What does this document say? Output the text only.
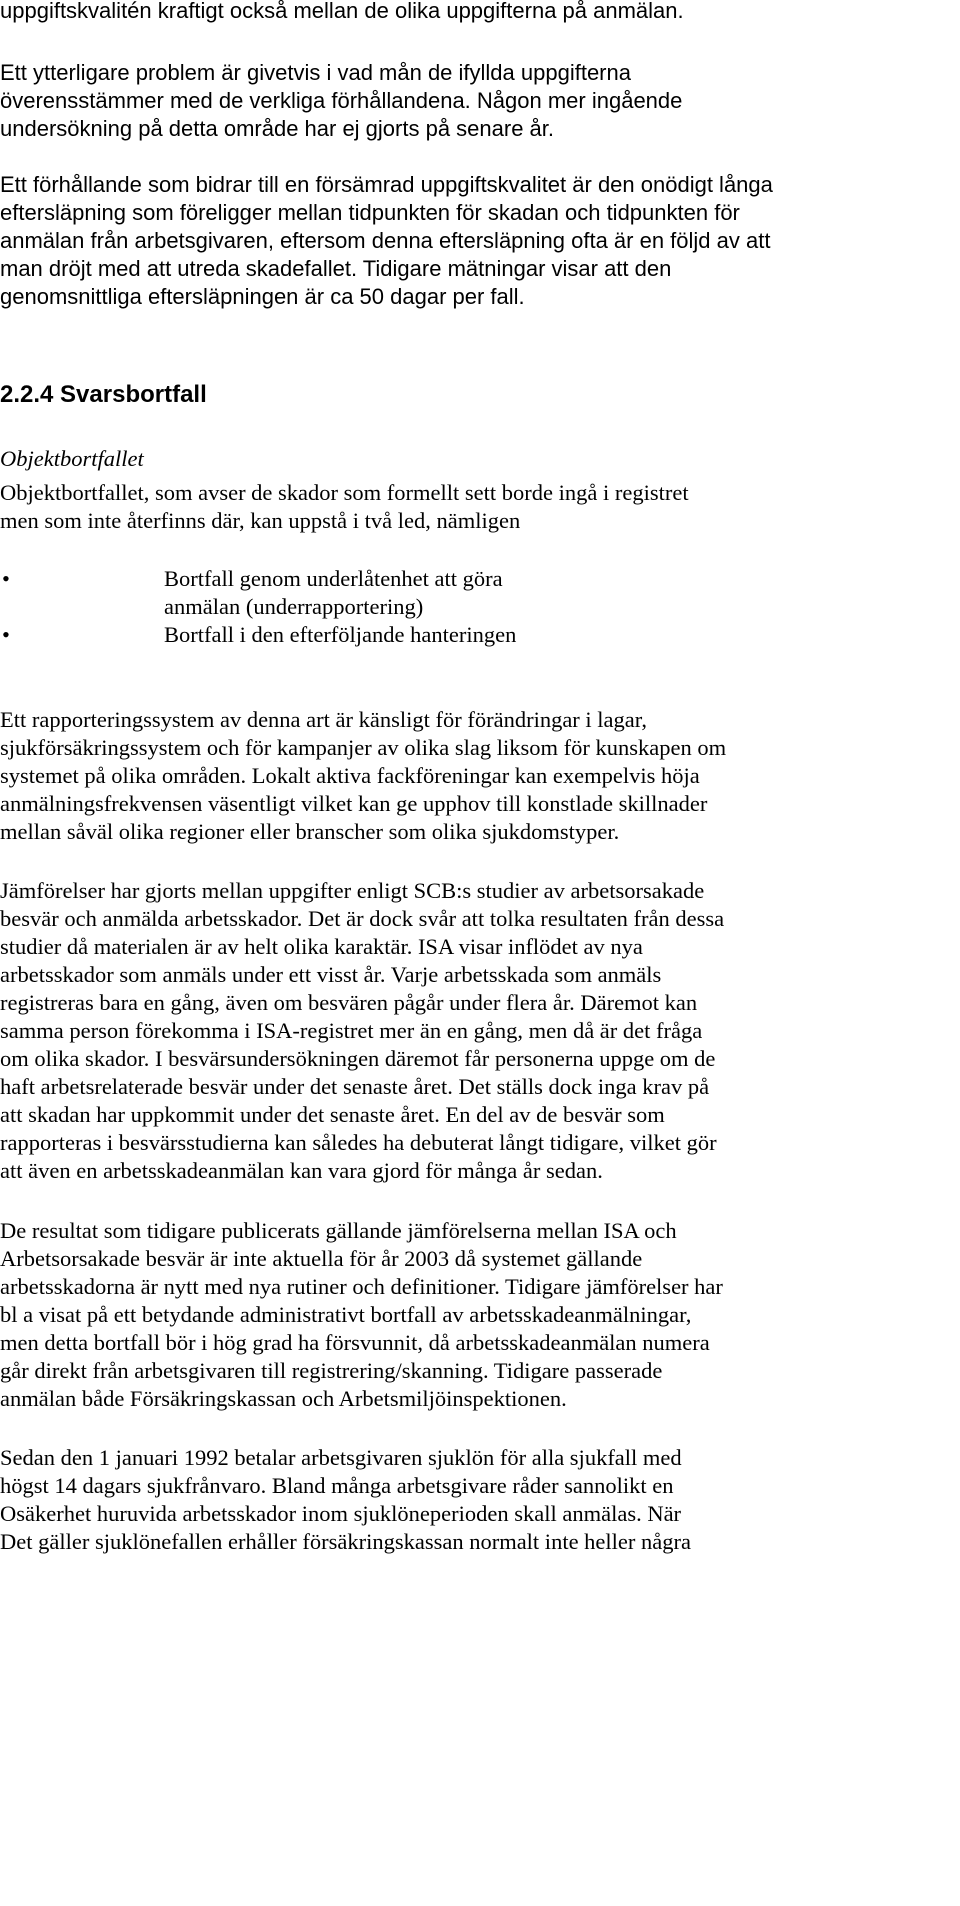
uppgiftskvalitén kraftigt också mellan de olika uppgifterna på anmälan.

Ett ytterligare problem är givetvis i vad mån de ifyllda uppgifterna
överensstämmer med de verkliga förhållandena. Någon mer ingående
undersökning på detta område har ej gjorts på senare år.

Ett förhållande som bidrar till en försämrad uppgiftskvalitet är den onödigt långa
eftersläpning som föreligger mellan tidpunkten för skadan och tidpunkten för
anmälan från arbetsgivaren, eftersom denna eftersläpning ofta är en följd av att
man dröjt med att utreda skadefallet. Tidigare mätningar visar att den
genomsnittliga eftersläpningen är ca 50 dagar per fall.

2.2.4 Svarsbortfall
Objektbortfallet

Objektbortfallet, som avser de skador som formellt sett borde ingå i registret
men som inte återfinns där, kan uppstå i två led, nämligen

•	Bortfall genom underlåtenhet att göra
anmälan (underrapportering)
•	Bortfall i den efterföljande hanteringen

Ett rapporteringssystem av denna art är känsligt för förändringar i lagar,
sjukförsäkringssystem och för kampanjer av olika slag liksom för kunskapen om
systemet på olika områden. Lokalt aktiva fackföreningar kan exempelvis höja
anmälningsfrekvensen väsentligt vilket kan ge upphov till konstlade skillnader
mellan såväl olika regioner eller branscher som olika sjukdomstyper.

Jämförelser har gjorts mellan uppgifter enligt SCB:s studier av arbetsorsakade
besvär och anmälda arbetsskador. Det är dock svår att tolka resultaten från dessa
studier då materialen är av helt olika karaktär. ISA visar inflödet av nya
arbetsskador som anmäls under ett visst år. Varje arbetsskada som anmäls
registreras bara en gång, även om besvären pågår under flera år. Däremot kan
samma person förekomma i ISA-registret mer än en gång, men då är det fråga
om olika skador. I besvärsundersökningen däremot får personerna uppge om de
haft arbetsrelaterade besvär under det senaste året. Det ställs dock inga krav på
att skadan har uppkommit under det senaste året. En del av de besvär som
rapporteras i besvärsstudierna kan således ha debuterat långt tidigare, vilket gör
att även en arbetsskadeanmälan kan vara gjord för många år sedan.

De resultat som tidigare publicerats gällande jämförelserna mellan ISA och
Arbetsorsakade besvär är inte aktuella för år 2003 då systemet gällande
arbetsskadorna är nytt med nya rutiner och definitioner. Tidigare jämförelser har
bl a visat på ett betydande administrativt bortfall av arbetsskadeanmälningar,
men detta bortfall bör i hög grad ha försvunnit, då arbetsskadeanmälan numera
går direkt från arbetsgivaren till registrering/skanning. Tidigare passerade
anmälan både Försäkringskassan och Arbetsmiljöinspektionen.

Sedan den 1 januari 1992 betalar arbetsgivaren sjuklön för alla sjukfall med
högst 14 dagars sjukfrånvaro. Bland många arbetsgivare råder sannolikt en
Osäkerhet huruvida arbetsskador inom sjuklöneperioden skall anmälas. När
Det gäller sjuklönefallen erhåller försäkringskassan normalt inte heller några
